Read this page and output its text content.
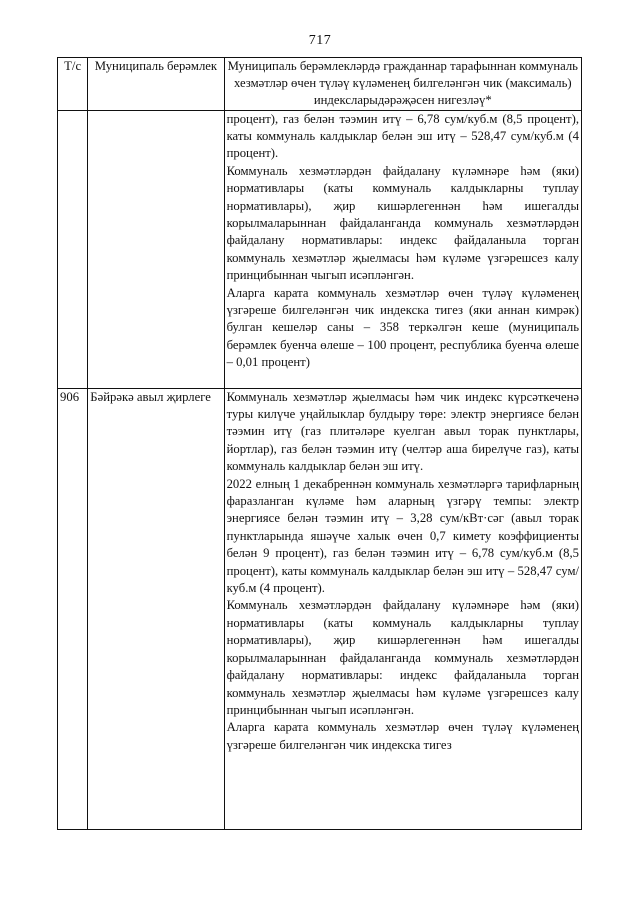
717
Т/с	Муниципаль берәмлек	Муниципаль берәмлекләрдә гражданнар тарафыннан коммуналь хезмәтләр өчен түләү күләменең билгеләнгән чик (максималь) индексларыдәрәҗәсен нигезләү*

		процент), газ белән тәэмин итү – 6,78 сум/куб.м (8,5 процент), каты коммуналь калдыклар белән эш итү – 528,47 сум/куб.м (4 процент).

Коммуналь хезмәтләрдән файдалану күләмнәре һәм (яки) нормативлары (каты коммуналь калдыкларны туплау нормативлары), җир кишәрлегеннән һәм ишегалды корылмаларыннан файдаланганда коммуналь хезмәтләрдән файдалану нормативлары: индекс файдаланыла торган коммуналь хезмәтләр җыелмасы һәм күләме үзгәрешсез калу принцибыннан чыгып исәпләнгән.

Аларга карата коммуналь хезмәтләр өчен түләү күләменең үзгәреше билгеләнгән чик индекска тигез (яки аннан кимрәк) булган кешеләр саны – 358 теркәлгән кеше (муниципаль берәмлек буенча өлеше – 100 процент, республика буенча өлеше – 0,01 процент)

906	Бәйрәкә авыл җирлеге	Коммуналь хезмәтләр җыелмасы һәм чик индекс күрсәткеченә туры килүче уңайлыклар булдыру төре: электр энергиясе белән тәэмин итү (газ плитәләре куелган авыл торак пунктлары, йортлар), газ белән тәэмин итү (челтәр аша бирелүче газ), каты коммуналь калдыклар белән эш итү.

2022 елның 1 декабреннән коммуналь хезмәтләргә тарифларның фаразланган күләме һәм аларның үзгәрү темпы: электр энергиясе белән тәэмин итү – 3,28 сум/кВт·сәг (авыл торак пунктларында яшәүче халык өчен 0,7 кимету коэффициенты белән 9 процент), газ белән тәэмин итү – 6,78 сум/куб.м (8,5 процент), каты коммуналь калдыклар белән эш итү – 528,47 сум/куб.м (4 процент).

Коммуналь хезмәтләрдән файдалану күләмнәре һәм (яки) нормативлары (каты коммуналь калдыкларны туплау нормативлары), җир кишәрлегеннән һәм ишегалды корылмаларыннан файдаланганда коммуналь хезмәтләрдән файдалану нормативлары: индекс файдаланыла торган коммуналь хезмәтләр җыелмасы һәм күләме үзгәрешсез калу принцибыннан чыгып исәпләнгән.

Аларга карата коммуналь хезмәтләр өчен түләү күләменең үзгәреше билгеләнгән чик индекска тигез
